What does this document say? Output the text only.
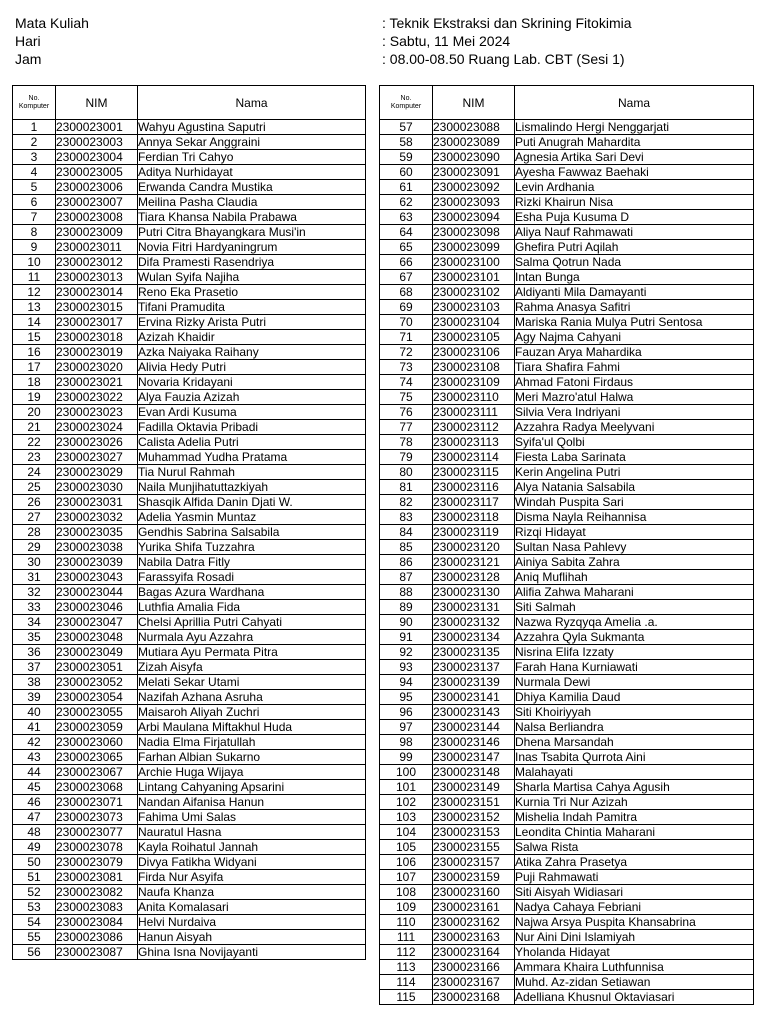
Mata Kuliah	: Teknik Ekstraksi dan Skrining Fitokimia
Hari	: Sabtu, 11 Mei 2024
Jam	: 08.00-08.50 Ruang Lab. CBT (Sesi 1)
No.
Komputer	NIM	Nama
1	2300023001	Wahyu Agustina Saputri
2	2300023003	Annya Sekar Anggraini
3	2300023004	Ferdian Tri Cahyo
4	2300023005	Aditya Nurhidayat
5	2300023006	Erwanda Candra Mustika
6	2300023007	Meilina Pasha Claudia
7	2300023008	Tiara Khansa Nabila Prabawa
8	2300023009	Putri Citra Bhayangkara Musi'in
9	2300023011	Novia Fitri Hardyaningrum
10	2300023012	Difa Pramesti Rasendriya
11	2300023013	Wulan Syifa Najiha
12	2300023014	Reno Eka Prasetio
13	2300023015	Tifani Pramudita
14	2300023017	Ervina Rizky Arista Putri
15	2300023018	Azizah Khaidir
16	2300023019	Azka Naiyaka Raihany
17	2300023020	Alivia Hedy Putri
18	2300023021	Novaria Kridayani
19	2300023022	Alya Fauzia Azizah
20	2300023023	Evan Ardi Kusuma
21	2300023024	Fadilla Oktavia Pribadi
22	2300023026	Calista Adelia Putri
23	2300023027	Muhammad Yudha Pratama
24	2300023029	Tia Nurul Rahmah
25	2300023030	Naila Munjihatuttazkiyah
26	2300023031	Shasqik Alfida Danin Djati W.
27	2300023032	Adelia Yasmin Muntaz
28	2300023035	Gendhis Sabrina Salsabila
29	2300023038	Yurika Shifa Tuzzahra
30	2300023039	Nabila Datra Fitly
31	2300023043	Farassyifa Rosadi
32	2300023044	Bagas Azura Wardhana
33	2300023046	Luthfia Amalia Fida
34	2300023047	Chelsi Aprillia Putri Cahyati
35	2300023048	Nurmala Ayu Azzahra
36	2300023049	Mutiara Ayu Permata Pitra
37	2300023051	Zizah Aisyfa
38	2300023052	Melati Sekar Utami
39	2300023054	Nazifah Azhana Asruha
40	2300023055	Maisaroh Aliyah Zuchri
41	2300023059	Arbi Maulana Miftakhul Huda
42	2300023060	Nadia Elma Firjatullah
43	2300023065	Farhan Albian Sukarno
44	2300023067	Archie Huga Wijaya
45	2300023068	Lintang Cahyaning Apsarini
46	2300023071	Nandan Aifanisa Hanun
47	2300023073	Fahima Umi Salas
48	2300023077	Nauratul Hasna
49	2300023078	Kayla Roihatul Jannah
50	2300023079	Divya Fatikha Widyani
51	2300023081	Firda Nur Asyifa
52	2300023082	Naufa Khanza
53	2300023083	Anita Komalasari
54	2300023084	Helvi Nurdaiva
55	2300023086	Hanun Aisyah
56	2300023087	Ghina Isna Novijayanti
No.
Komputer	NIM	Nama
57	2300023088	Lismalindo Hergi Nenggarjati
58	2300023089	Puti Anugrah Mahardita
59	2300023090	Agnesia Artika Sari Devi
60	2300023091	Ayesha Fawwaz Baehaki
61	2300023092	Levin Ardhania
62	2300023093	Rizki Khairun Nisa
63	2300023094	Esha Puja Kusuma D
64	2300023098	Aliya Nauf Rahmawati
65	2300023099	Ghefira Putri Aqilah
66	2300023100	Salma Qotrun Nada
67	2300023101	Intan Bunga
68	2300023102	Aldiyanti Mila Damayanti
69	2300023103	Rahma Anasya Safitri
70	2300023104	Mariska Rania Mulya Putri Sentosa
71	2300023105	Agy Najma Cahyani
72	2300023106	Fauzan Arya Mahardika
73	2300023108	Tiara Shafira Fahmi
74	2300023109	Ahmad Fatoni Firdaus
75	2300023110	Meri Mazro'atul Halwa
76	2300023111	Silvia Vera Indriyani
77	2300023112	Azzahra Radya Meelyvani
78	2300023113	Syifa'ul Qolbi
79	2300023114	Fiesta Laba Sarinata
80	2300023115	Kerin Angelina Putri
81	2300023116	Alya Natania Salsabila
82	2300023117	Windah Puspita Sari
83	2300023118	Disma Nayla Reihannisa
84	2300023119	Rizqi Hidayat
85	2300023120	Sultan Nasa Pahlevy
86	2300023121	Ainiya Sabita Zahra
87	2300023128	Aniq Muflihah
88	2300023130	Alifia Zahwa Maharani
89	2300023131	Siti Salmah
90	2300023132	Nazwa Ryzqyqa Amelia .a.
91	2300023134	Azzahra Qyla Sukmanta
92	2300023135	Nisrina Elifa Izzaty
93	2300023137	Farah Hana Kurniawati
94	2300023139	Nurmala Dewi
95	2300023141	Dhiya Kamilia Daud
96	2300023143	Siti Khoiriyyah
97	2300023144	Nalsa Berliandra
98	2300023146	Dhena Marsandah
99	2300023147	Inas Tsabita Qurrota Aini
100	2300023148	Malahayati
101	2300023149	Sharla Martisa Cahya Agusih
102	2300023151	Kurnia Tri Nur Azizah
103	2300023152	Mishelia Indah Pamitra
104	2300023153	Leondita Chintia Maharani
105	2300023155	Salwa Rista
106	2300023157	Atika Zahra Prasetya
107	2300023159	Puji Rahmawati
108	2300023160	Siti Aisyah Widiasari
109	2300023161	Nadya Cahaya Febriani
110	2300023162	Najwa Arsya Puspita Khansabrina
111	2300023163	Nur Aini Dini Islamiyah
112	2300023164	Yholanda Hidayat
113	2300023166	Ammara Khaira Luthfunnisa
114	2300023167	Muhd. Az-zidan Setiawan
115	2300023168	Adelliana Khusnul Oktaviasari
